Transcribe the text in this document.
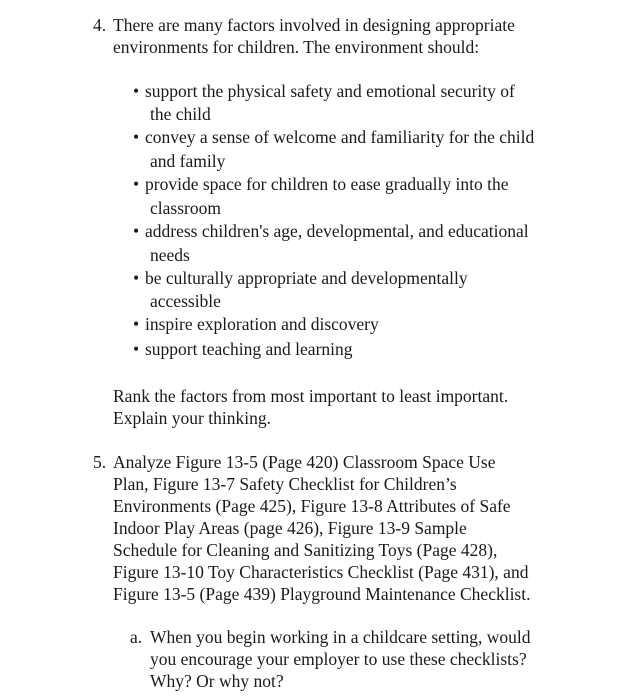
4. There are many factors involved in designing appropriate
environments for children. The environment should:
• support the physical safety and emotional security of
the child
• convey a sense of welcome and familiarity for the child
and family
• provide space for children to ease gradually into the
classroom
• address children's age, developmental, and educational
needs
• be culturally appropriate and developmentally
accessible
• inspire exploration and discovery
• support teaching and learning
Rank the factors from most important to least important.
Explain your thinking.
5. Analyze Figure 13-5 (Page 420) Classroom Space Use
Plan, Figure 13-7 Safety Checklist for Children’s
Environments (Page 425), Figure 13-8 Attributes of Safe
Indoor Play Areas (page 426), Figure 13-9 Sample
Schedule for Cleaning and Sanitizing Toys (Page 428),
Figure 13-10 Toy Characteristics Checklist (Page 431), and
Figure 13-5 (Page 439) Playground Maintenance Checklist.
a. When you begin working in a childcare setting, would
you encourage your employer to use these checklists?
Why? Or why not?
